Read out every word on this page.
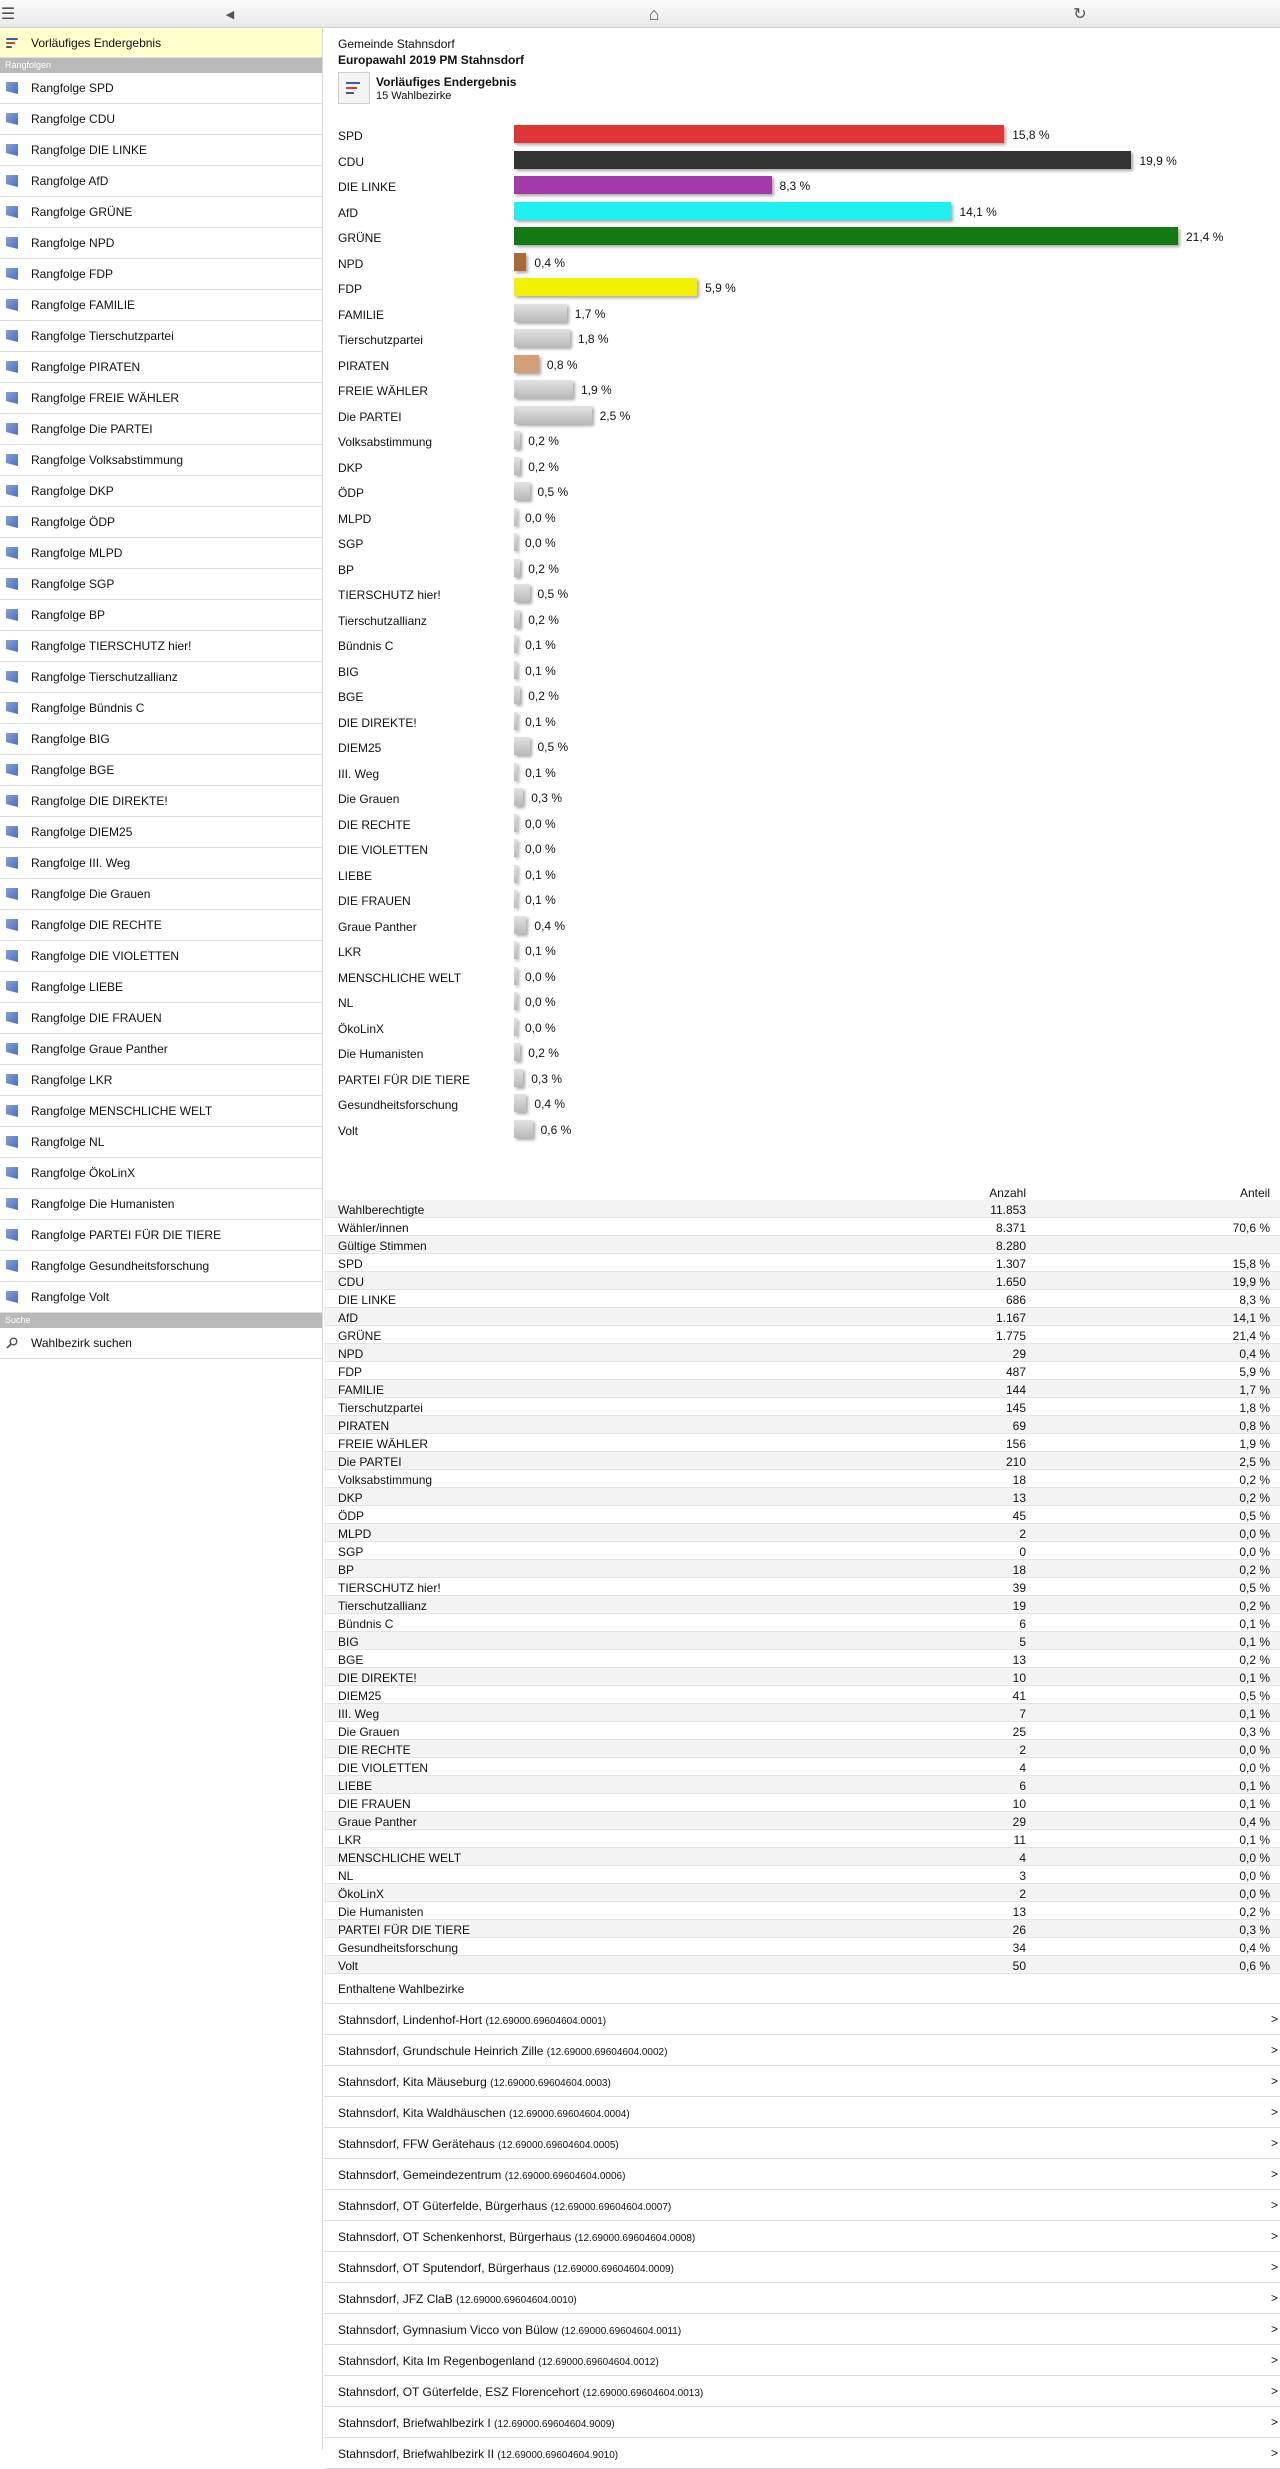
☰	◀	⌂	↻
Vorläufiges Endergebnis
Rangfolgen
Rangfolge SPD
Rangfolge CDU
Rangfolge DIE LINKE
Rangfolge AfD
Rangfolge GRÜNE
Rangfolge NPD
Rangfolge FDP
Rangfolge FAMILIE
Rangfolge Tierschutzpartei
Rangfolge PIRATEN
Rangfolge FREIE WÄHLER
Rangfolge Die PARTEI
Rangfolge Volksabstimmung
Rangfolge DKP
Rangfolge ÖDP
Rangfolge MLPD
Rangfolge SGP
Rangfolge BP
Rangfolge TIERSCHUTZ hier!
Rangfolge Tierschutzallianz
Rangfolge Bündnis C
Rangfolge BIG
Rangfolge BGE
Rangfolge DIE DIREKTE!
Rangfolge DIEM25
Rangfolge III. Weg
Rangfolge Die Grauen
Rangfolge DIE RECHTE
Rangfolge DIE VIOLETTEN
Rangfolge LIEBE
Rangfolge DIE FRAUEN
Rangfolge Graue Panther
Rangfolge LKR
Rangfolge MENSCHLICHE WELT
Rangfolge NL
Rangfolge ÖkoLinX
Rangfolge Die Humanisten
Rangfolge PARTEI FÜR DIE TIERE
Rangfolge Gesundheitsforschung
Rangfolge Volt
Suche
Wahlbezirk suchen
Gemeinde Stahnsdorf
Europawahl 2019 PM Stahnsdorf
Vorläufiges Endergebnis
15 Wahlbezirke
SPD	15,8 %
CDU	19,9 %
DIE LINKE	8,3 %
AfD	14,1 %
GRÜNE	21,4 %
NPD	0,4 %
FDP	5,9 %
FAMILIE	1,7 %
Tierschutzpartei	1,8 %
PIRATEN	0,8 %
FREIE WÄHLER	1,9 %
Die PARTEI	2,5 %
Volksabstimmung	0,2 %
DKP	0,2 %
ÖDP	0,5 %
MLPD	0,0 %
SGP	0,0 %
BP	0,2 %
TIERSCHUTZ hier!	0,5 %
Tierschutzallianz	0,2 %
Bündnis C	0,1 %
BIG	0,1 %
BGE	0,2 %
DIE DIREKTE!	0,1 %
DIEM25	0,5 %
III. Weg	0,1 %
Die Grauen	0,3 %
DIE RECHTE	0,0 %
DIE VIOLETTEN	0,0 %
LIEBE	0,1 %
DIE FRAUEN	0,1 %
Graue Panther	0,4 %
LKR	0,1 %
MENSCHLICHE WELT	0,0 %
NL	0,0 %
ÖkoLinX	0,0 %
Die Humanisten	0,2 %
PARTEI FÜR DIE TIERE	0,3 %
Gesundheitsforschung	0,4 %
Volt	0,6 %
Anzahl	Anteil
Wahlberechtigte	11.853
Wähler/innen	8.371	70,6 %
Gültige Stimmen	8.280
SPD	1.307	15,8 %
CDU	1.650	19,9 %
DIE LINKE	686	8,3 %
AfD	1.167	14,1 %
GRÜNE	1.775	21,4 %
NPD	29	0,4 %
FDP	487	5,9 %
FAMILIE	144	1,7 %
Tierschutzpartei	145	1,8 %
PIRATEN	69	0,8 %
FREIE WÄHLER	156	1,9 %
Die PARTEI	210	2,5 %
Volksabstimmung	18	0,2 %
DKP	13	0,2 %
ÖDP	45	0,5 %
MLPD	2	0,0 %
SGP	0	0,0 %
BP	18	0,2 %
TIERSCHUTZ hier!	39	0,5 %
Tierschutzallianz	19	0,2 %
Bündnis C	6	0,1 %
BIG	5	0,1 %
BGE	13	0,2 %
DIE DIREKTE!	10	0,1 %
DIEM25	41	0,5 %
III. Weg	7	0,1 %
Die Grauen	25	0,3 %
DIE RECHTE	2	0,0 %
DIE VIOLETTEN	4	0,0 %
LIEBE	6	0,1 %
DIE FRAUEN	10	0,1 %
Graue Panther	29	0,4 %
LKR	11	0,1 %
MENSCHLICHE WELT	4	0,0 %
NL	3	0,0 %
ÖkoLinX	2	0,0 %
Die Humanisten	13	0,2 %
PARTEI FÜR DIE TIERE	26	0,3 %
Gesundheitsforschung	34	0,4 %
Volt	50	0,6 %
Enthaltene Wahlbezirke
Stahnsdorf, Lindenhof-Hort (12.69000.69604604.0001)	>
Stahnsdorf, Grundschule Heinrich Zille (12.69000.69604604.0002)	>
Stahnsdorf, Kita Mäuseburg (12.69000.69604604.0003)	>
Stahnsdorf, Kita Waldhäuschen (12.69000.69604604.0004)	>
Stahnsdorf, FFW Gerätehaus (12.69000.69604604.0005)	>
Stahnsdorf, Gemeindezentrum (12.69000.69604604.0006)	>
Stahnsdorf, OT Güterfelde, Bürgerhaus (12.69000.69604604.0007)	>
Stahnsdorf, OT Schenkenhorst, Bürgerhaus (12.69000.69604604.0008)	>
Stahnsdorf, OT Sputendorf, Bürgerhaus (12.69000.69604604.0009)	>
Stahnsdorf, JFZ ClaB (12.69000.69604604.0010)	>
Stahnsdorf, Gymnasium Vicco von Bülow (12.69000.69604604.0011)	>
Stahnsdorf, Kita Im Regenbogenland (12.69000.69604604.0012)	>
Stahnsdorf, OT Güterfelde, ESZ Florencehort (12.69000.69604604.0013)	>
Stahnsdorf, Briefwahlbezirk I (12.69000.69604604.9009)	>
Stahnsdorf, Briefwahlbezirk II (12.69000.69604604.9010)	>
